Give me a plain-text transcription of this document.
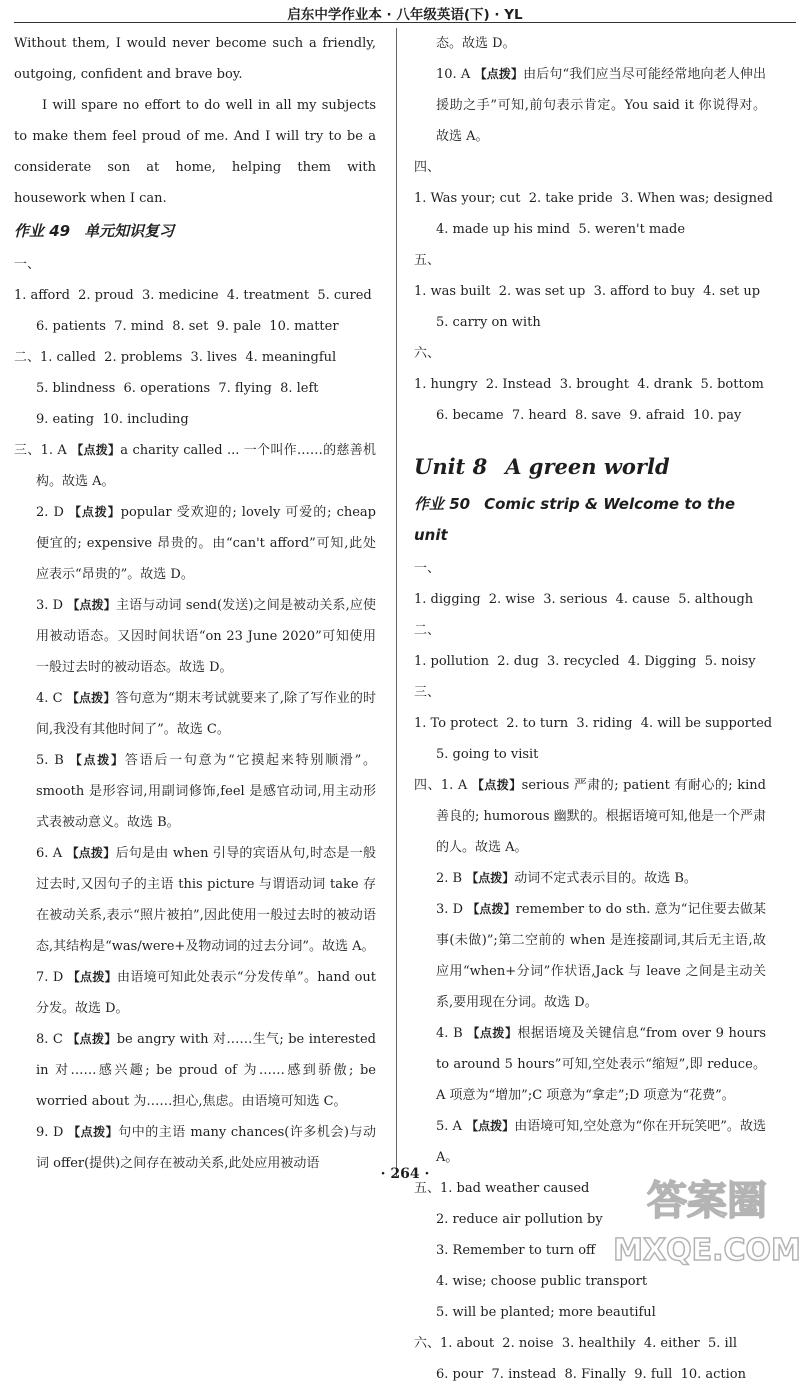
启东中学作业本 · 八年级英语(下) · YL

Without them, I would never become such a friendly, outgoing, confident and brave boy.

I will spare no effort to do well in all my subjects to make them feel proud of me. And I will try to be a considerate son at home, helping them with housework when I can.

作业 49 单元知识复习
一、1. afford  2. proud  3. medicine  4. treatment  5. cured
6. patients  7. mind  8. set  9. pale  10. matter
二、1. called  2. problems  3. lives  4. meaningful
5. blindness  6. operations  7. flying  8. left
9. eating  10. including
三、1. A 【点拨】a charity called ... 一个叫作……的慈善机构。故选 A。
2. D 【点拨】popular 受欢迎的; lovely 可爱的; cheap 便宜的; expensive 昂贵的。由“can't afford”可知,此处应表示“昂贵的”。故选 D。
3. D 【点拨】主语与动词 send(发送)之间是被动关系,应使用被动语态。又因时间状语“on 23 June 2020”可知使用一般过去时的被动语态。故选 D。
4. C 【点拨】答句意为“期末考试就要来了,除了写作业的时间,我没有其他时间了”。故选 C。
5. B 【点拨】答语后一句意为“它摸起来特别顺滑”。smooth 是形容词,用副词修饰,feel 是感官动词,用主动形式表被动意义。故选 B。
6. A 【点拨】后句是由 when 引导的宾语从句,时态是一般过去时,又因句子的主语 this picture 与谓语动词 take 存在被动关系,表示“照片被拍”,因此使用一般过去时的被动语态,其结构是“was/were+及物动词的过去分词”。故选 A。
7. D 【点拨】由语境可知此处表示“分发传单”。hand out 分发。故选 D。
8. C 【点拨】be angry with 对……生气; be interested in 对……感兴趣; be proud of 为……感到骄傲; be worried about 为……担心,焦虑。由语境可知选 C。
9. D 【点拨】句中的主语 many chances(许多机会)与动词 offer(提供)之间存在被动关系,此处应用被动语
态。故选 D。
10. A 【点拨】由后句“我们应当尽可能经常地向老人伸出援助之手”可知,前句表示肯定。You said it 你说得对。故选 A。
四、1. Was your; cut  2. take pride  3. When was; designed
4. made up his mind  5. weren't made
五、1. was built  2. was set up  3. afford to buy  4. set up
5. carry on with
六、1. hungry  2. Instead  3. brought  4. drank  5. bottom
6. became  7. heard  8. save  9. afraid  10. pay
Unit 8 A green world
作业 50 Comic strip & Welcome to the unit
一、1. digging  2. wise  3. serious  4. cause  5. although
二、1. pollution  2. dug  3. recycled  4. Digging  5. noisy
三、1. To protect  2. to turn  3. riding  4. will be supported
5. going to visit
四、1. A 【点拨】serious 严肃的; patient 有耐心的; kind 善良的; humorous 幽默的。根据语境可知,他是一个严肃的人。故选 A。
2. B 【点拨】动词不定式表示目的。故选 B。
3. D 【点拨】remember to do sth. 意为“记住要去做某事(未做)”;第二空前的 when 是连接副词,其后无主语,故应用“when+分词”作状语,Jack 与 leave 之间是主动关系,要用现在分词。故选 D。
4. B 【点拨】根据语境及关键信息“from over 9 hours to around 5 hours”可知,空处表示“缩短”,即 reduce。A 项意为“增加”;C 项意为“拿走”;D 项意为“花费”。
5. A 【点拨】由语境可知,空处意为“你在开玩笑吧”。故选 A。
五、1. bad weather caused
2. reduce air pollution by
3. Remember to turn off
4. wise; choose public transport
5. will be planted; more beautiful
六、1. about  2. noise  3. healthily  4. either  5. ill
6. pour  7. instead  8. Finally  9. full  10. action
· 264 ·
答案圈
MXQE.COM
